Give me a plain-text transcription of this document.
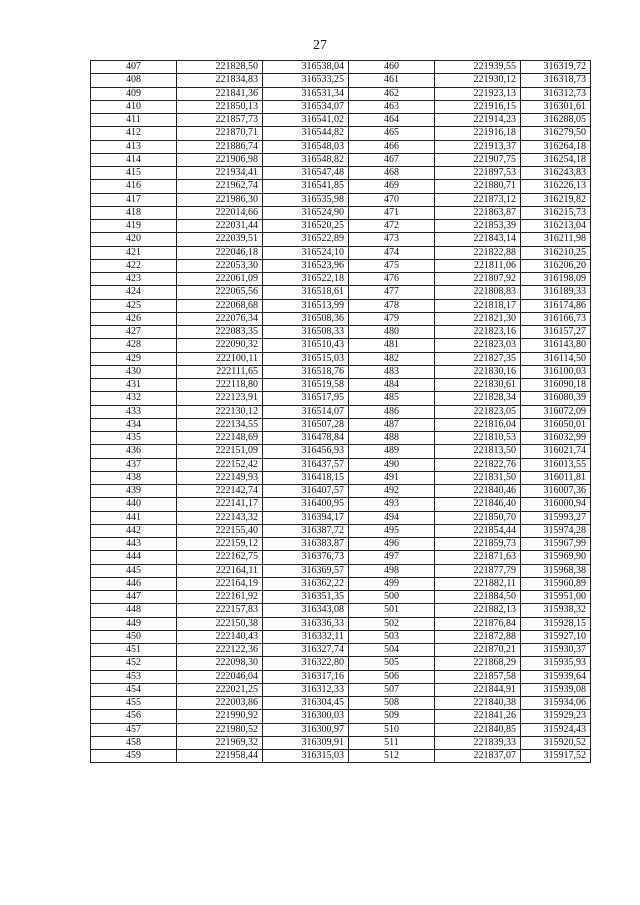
27
407	221828,50	316538,04	460	221939,55	316319,72
408	221834,83	316533,25	461	221930,12	316318,73
409	221841,36	316531,34	462	221923,13	316312,73
410	221850,13	316534,07	463	221916,15	316301,61
411	221857,73	316541,02	464	221914,23	316288,05
412	221870,71	316544,82	465	221916,18	316279,50
413	221886,74	316548,03	466	221913,37	316264,18
414	221906,98	316548,82	467	221907,75	316254,18
415	221934,41	316547,48	468	221897,53	316243,83
416	221962,74	316541,85	469	221880,71	316226,13
417	221986,30	316535,98	470	221873,12	316219,82
418	222014,66	316524,90	471	221863,87	316215,73
419	222031,44	316520,25	472	221853,39	316213,04
420	222039,51	316522,89	473	221843,14	316211,98
421	222046,18	316524,10	474	221822,88	316210,25
422	222053,30	316523,96	475	221811,06	316206,20
423	222061,09	316522,18	476	221807,92	316198,09
424	222065,56	316518,61	477	221808,83	316189,33
425	222068,68	316513,99	478	221818,17	316174,86
426	222076,34	316508,36	479	221821,30	316166,73
427	222083,35	316508,33	480	221823,16	316157,27
428	222090,32	316510,43	481	221823,03	316143,80
429	222100,11	316515,03	482	221827,35	316114,50
430	222111,65	316518,76	483	221830,16	316100,03
431	222118,80	316519,58	484	221830,61	316090,18
432	222123,91	316517,95	485	221828,34	316080,39
433	222130,12	316514,07	486	221823,05	316072,09
434	222134,55	316507,28	487	221816,04	316050,01
435	222148,69	316478,84	488	221810,53	316032,99
436	222151,09	316456,93	489	221813,50	316021,74
437	222152,42	316437,57	490	221822,76	316013,55
438	222149,93	316418,15	491	221831,50	316011,81
439	222142,74	316407,57	492	221840,46	316007,36
440	222141,17	316400,95	493	221846,40	316000,94
441	222143,32	316394,17	494	221850,70	315993,27
442	222155,40	316387,72	495	221854,44	315974,28
443	222159,12	316383,87	496	221859,73	315967,99
444	222162,75	316376,73	497	221871,63	315969,90
445	222164,11	316369,57	498	221877,79	315968,38
446	222164,19	316362,22	499	221882,11	315960,89
447	222161,92	316351,35	500	221884,50	315951,00
448	222157,83	316343,08	501	221882,13	315938,32
449	222150,38	316336,33	502	221876,84	315928,15
450	222140,43	316332,11	503	221872,88	315927,10
451	222122,36	316327,74	504	221870,21	315930,37
452	222098,30	316322,80	505	221868,29	315935,93
453	222046,04	316317,16	506	221857,58	315939,64
454	222021,25	316312,33	507	221844,91	315939,08
455	222003,86	316304,45	508	221840,38	315934,06
456	221990,92	316300,03	509	221841,26	315929,23
457	221980,52	316300,97	510	221840,85	315924,43
458	221969,32	316309,91	511	221839,33	315920,52
459	221958,44	316315,03	512	221837,07	315917,52
